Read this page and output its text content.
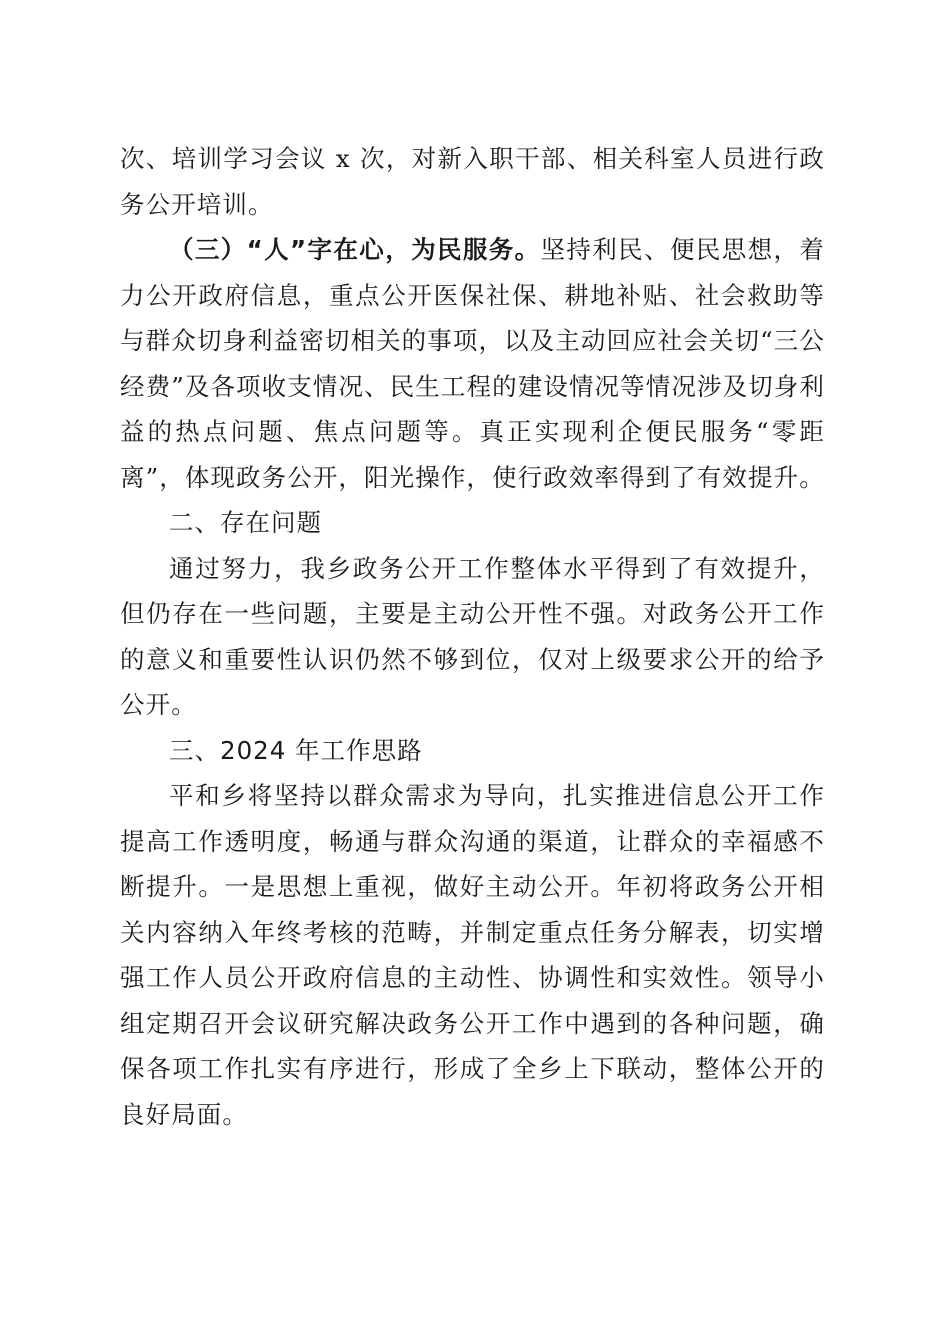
次、培训学习会议 x 次，对新入职干部、相关科室人员进行政务公开培训。

（三）“人”字在心，为民服务。坚持利民、便民思想，着力公开政府信息，重点公开医保社保、耕地补贴、社会救助等与群众切身利益密切相关的事项，以及主动回应社会关切“三公经费”及各项收支情况、民生工程的建设情况等情况涉及切身利益的热点问题、焦点问题等。真正实现利企便民服务“零距离”，体现政务公开，阳光操作，使行政效率得到了有效提升。

二、存在问题

通过努力，我乡政务公开工作整体水平得到了有效提升，但仍存在一些问题，主要是主动公开性不强。对政务公开工作的意义和重要性认识仍然不够到位，仅对上级要求公开的给予公开。

三、2024 年工作思路

平和乡将坚持以群众需求为导向，扎实推进信息公开工作提高工作透明度，畅通与群众沟通的渠道，让群众的幸福感不断提升。一是思想上重视，做好主动公开。年初将政务公开相关内容纳入年终考核的范畴，并制定重点任务分解表，切实增强工作人员公开政府信息的主动性、协调性和实效性。领导小组定期召开会议研究解决政务公开工作中遇到的各种问题，确保各项工作扎实有序进行，形成了全乡上下联动，整体公开的良好局面。
